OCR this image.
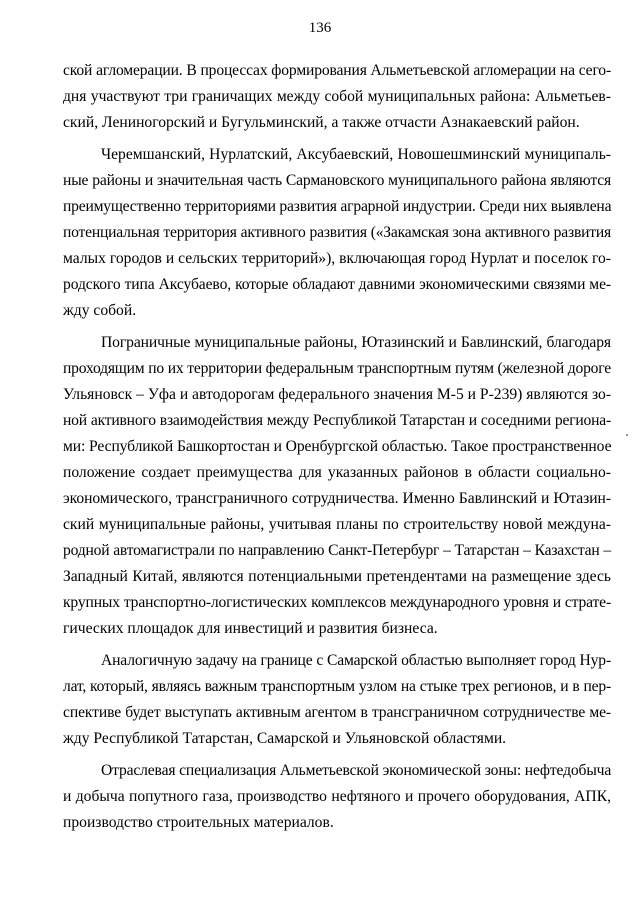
136

ской агломерации. В процессах формирования Альметьевской агломерации на сего-
дня участвуют три граничащих между собой муниципальных района: Альметьев-
ский, Лениногорский и Бугульминский, а также отчасти Азнакаевский район.

Черемшанский, Нурлатский, Аксубаевский, Новошешминский муниципаль-
ные районы и значительная часть Сармановского муниципального района являются
преимущественно территориями развития аграрной индустрии. Среди них выявлена
потенциальная территория активного развития («Закамская зона активного развития
малых городов и сельских территорий»), включающая город Нурлат и поселок го-
родского типа Аксубаево, которые обладают давними экономическими связями ме-
жду собой.

Пограничные муниципальные районы, Ютазинский и Бавлинский, благодаря
проходящим по их территории федеральным транспортным путям (железной дороге
Ульяновск – Уфа и автодорогам федерального значения М-5 и Р-239) являются зо-
ной активного взаимодействия между Республикой Татарстан и соседними региона-
ми: Республикой Башкортостан и Оренбургской областью. Такое пространственное
положение создает преимущества для указанных районов в области социально-
экономического, трансграничного сотрудничества. Именно Бавлинский и Ютазин-
ский муниципальные районы, учитывая планы по строительству новой междуна-
родной автомагистрали по направлению Санкт-Петербург – Татарстан – Казахстан –
Западный Китай, являются потенциальными претендентами на размещение здесь
крупных транспортно-логистических комплексов международного уровня и страте-
гических площадок для инвестиций и развития бизнеса.

Аналогичную задачу на границе с Самарской областью выполняет город Нур-
лат, который, являясь важным транспортным узлом на стыке трех регионов, и в пер-
спективе будет выступать активным агентом в трансграничном сотрудничестве ме-
жду Республикой Татарстан, Самарской и Ульяновской областями.

Отраслевая специализация Альметьевской экономической зоны: нефтедобыча
и добыча попутного газа, производство нефтяного и прочего оборудования, АПК,
производство строительных материалов.
